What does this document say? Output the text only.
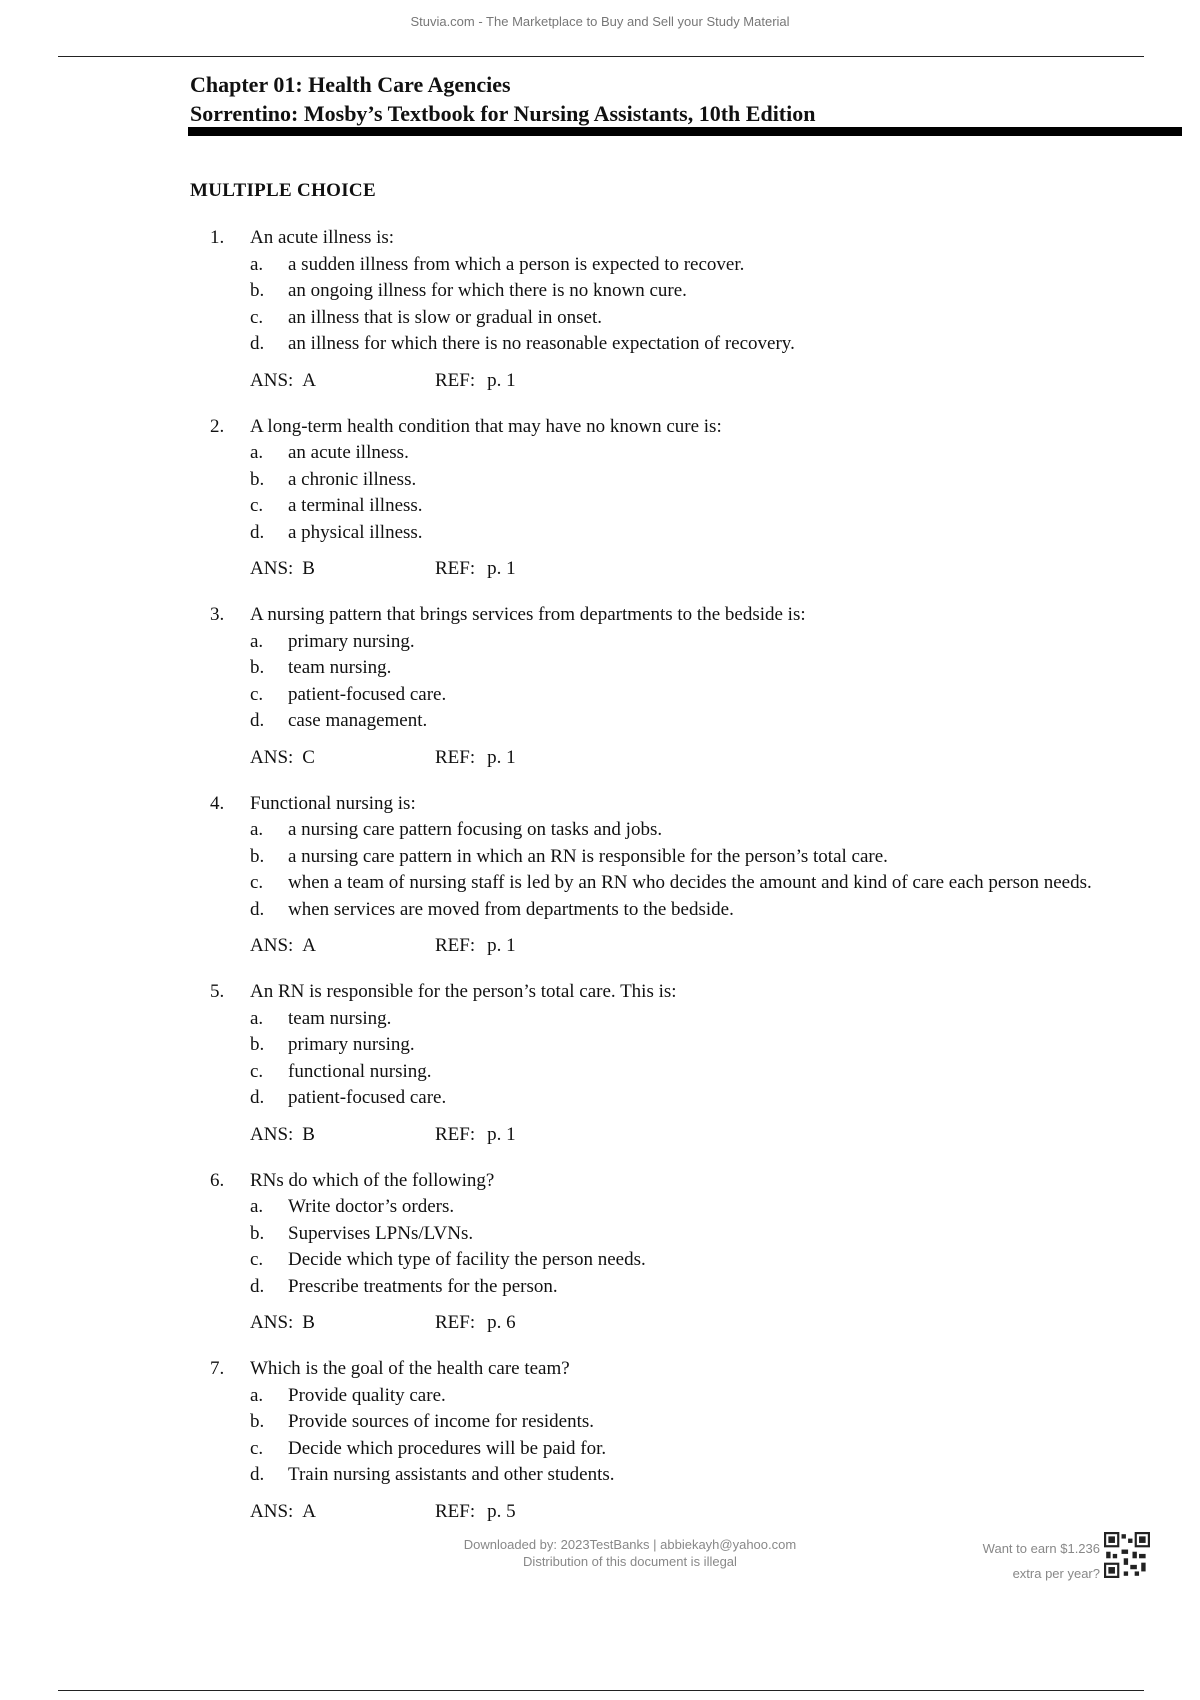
Stuvia.com - The Marketplace to Buy and Sell your Study Material
Chapter 01: Health Care Agencies
Sorrentino: Mosby’s Textbook for Nursing Assistants, 10th Edition
MULTIPLE CHOICE
1.	An acute illness is:
a.	a sudden illness from which a person is expected to recover.
b.	an ongoing illness for which there is no known cure.
c.	an illness that is slow or gradual in onset.
d.	an illness for which there is no reasonable expectation of recovery.
ANS: A	REF: p. 1
2.	A long-term health condition that may have no known cure is:
a.	an acute illness.
b.	a chronic illness.
c.	a terminal illness.
d.	a physical illness.
ANS: B	REF: p. 1
3.	A nursing pattern that brings services from departments to the bedside is:
a.	primary nursing.
b.	team nursing.
c.	patient-focused care.
d.	case management.
ANS: C	REF: p. 1
4.	Functional nursing is:
a.	a nursing care pattern focusing on tasks and jobs.
b.	a nursing care pattern in which an RN is responsible for the person’s total care.
c.	when a team of nursing staff is led by an RN who decides the amount and kind of care each person needs.
d.	when services are moved from departments to the bedside.
ANS: A	REF: p. 1
5.	An RN is responsible for the person’s total care. This is:
a.	team nursing.
b.	primary nursing.
c.	functional nursing.
d.	patient-focused care.
ANS: B	REF: p. 1
6.	RNs do which of the following?
a.	Write doctor’s orders.
b.	Supervises LPNs/LVNs.
c.	Decide which type of facility the person needs.
d.	Prescribe treatments for the person.
ANS: B	REF: p. 6
7.	Which is the goal of the health care team?
a.	Provide quality care.
b.	Provide sources of income for residents.
c.	Decide which procedures will be paid for.
d.	Train nursing assistants and other students.
ANS: A	REF: p. 5
Downloaded by: 2023TestBanks | abbiekayh@yahoo.com
Distribution of this document is illegal
Want to earn $1.236
extra per year?
